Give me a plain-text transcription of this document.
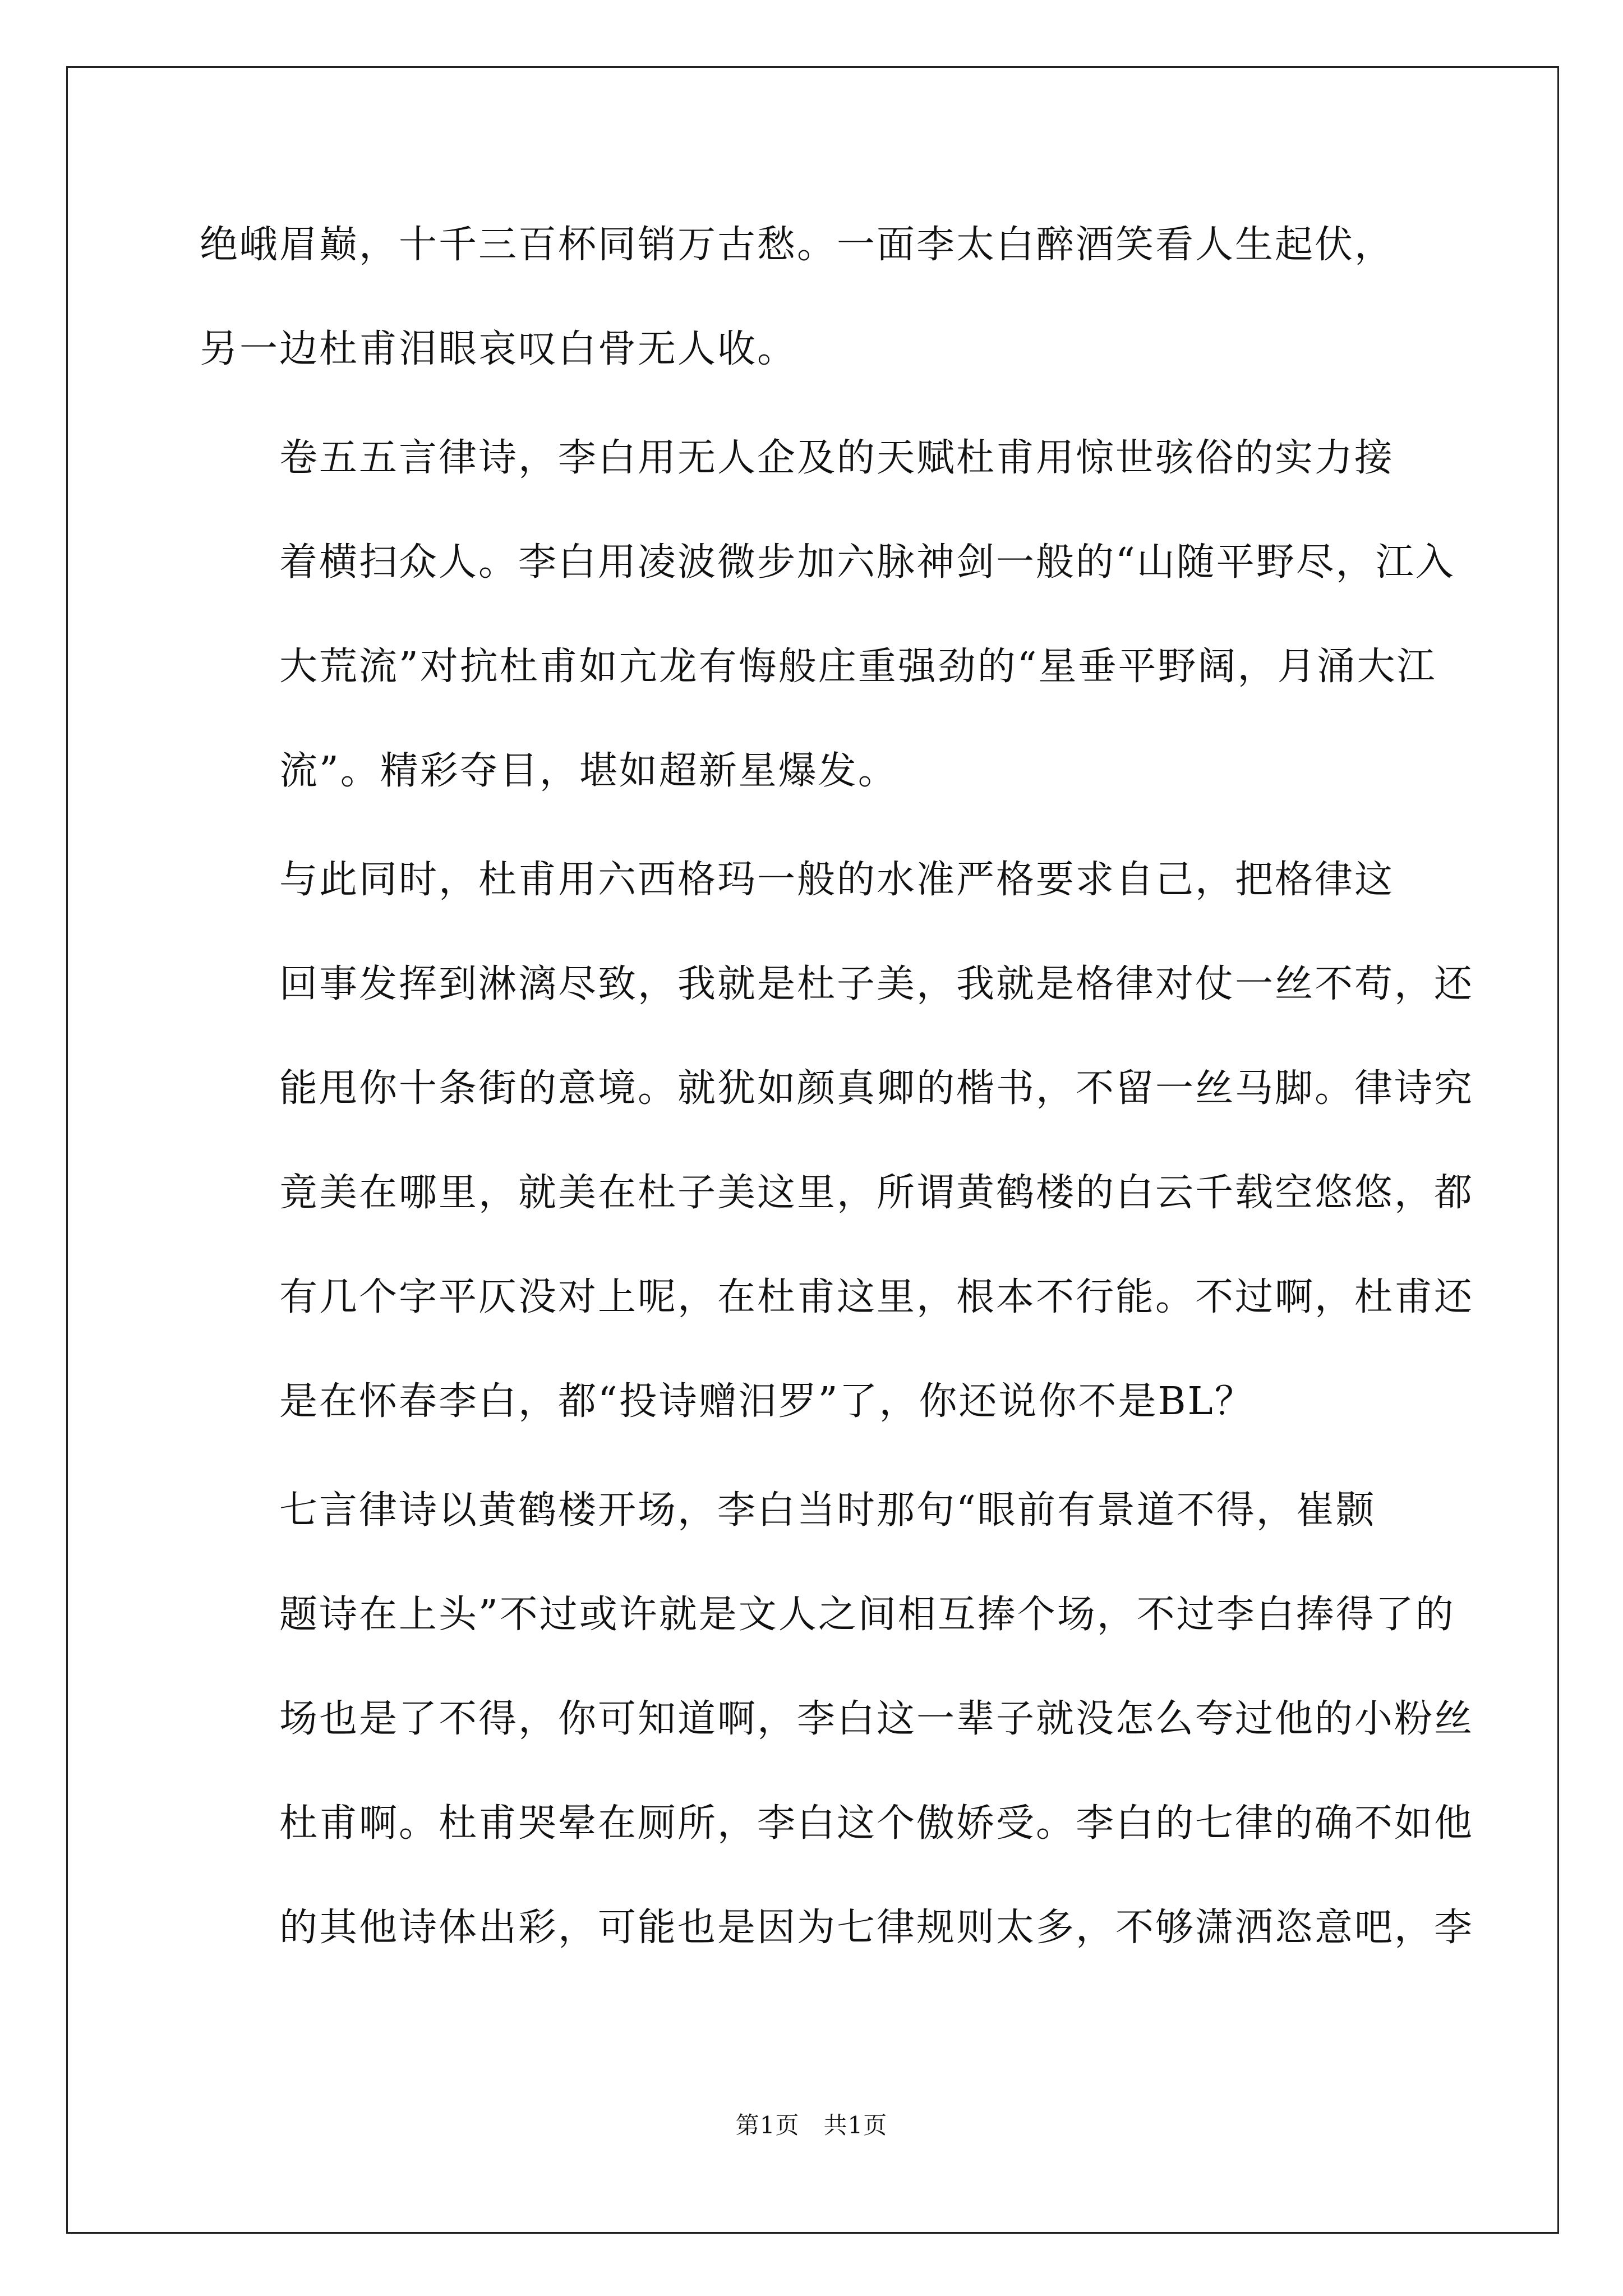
绝峨眉巅，十千三百杯同销万古愁。一面李太白醉酒笑看人生起伏，
另一边杜甫泪眼哀叹白骨无人收。

卷五五言律诗，李白用无人企及的天赋杜甫用惊世骇俗的实力接
着横扫众人。李白用凌波微步加六脉神剑一般的“山随平野尽，江入
大荒流”对抗杜甫如亢龙有悔般庄重强劲的“星垂平野阔，月涌大江
流”。精彩夺目，堪如超新星爆发。

与此同时，杜甫用六西格玛一般的水准严格要求自己，把格律这
回事发挥到淋漓尽致，我就是杜子美，我就是格律对仗一丝不苟，还
能甩你十条街的意境。就犹如颜真卿的楷书，不留一丝马脚。律诗究
竟美在哪里，就美在杜子美这里，所谓黄鹤楼的白云千载空悠悠，都
有几个字平仄没对上呢，在杜甫这里，根本不行能。不过啊，杜甫还
是在怀春李白，都“投诗赠汨罗”了，你还说你不是BL？

七言律诗以黄鹤楼开场，李白当时那句“眼前有景道不得，崔颢
题诗在上头”不过或许就是文人之间相互捧个场，不过李白捧得了的
场也是了不得，你可知道啊，李白这一辈子就没怎么夸过他的小粉丝
杜甫啊。杜甫哭晕在厕所，李白这个傲娇受。李白的七律的确不如他
的其他诗体出彩，可能也是因为七律规则太多，不够潇洒恣意吧，李

第1页　共1页
